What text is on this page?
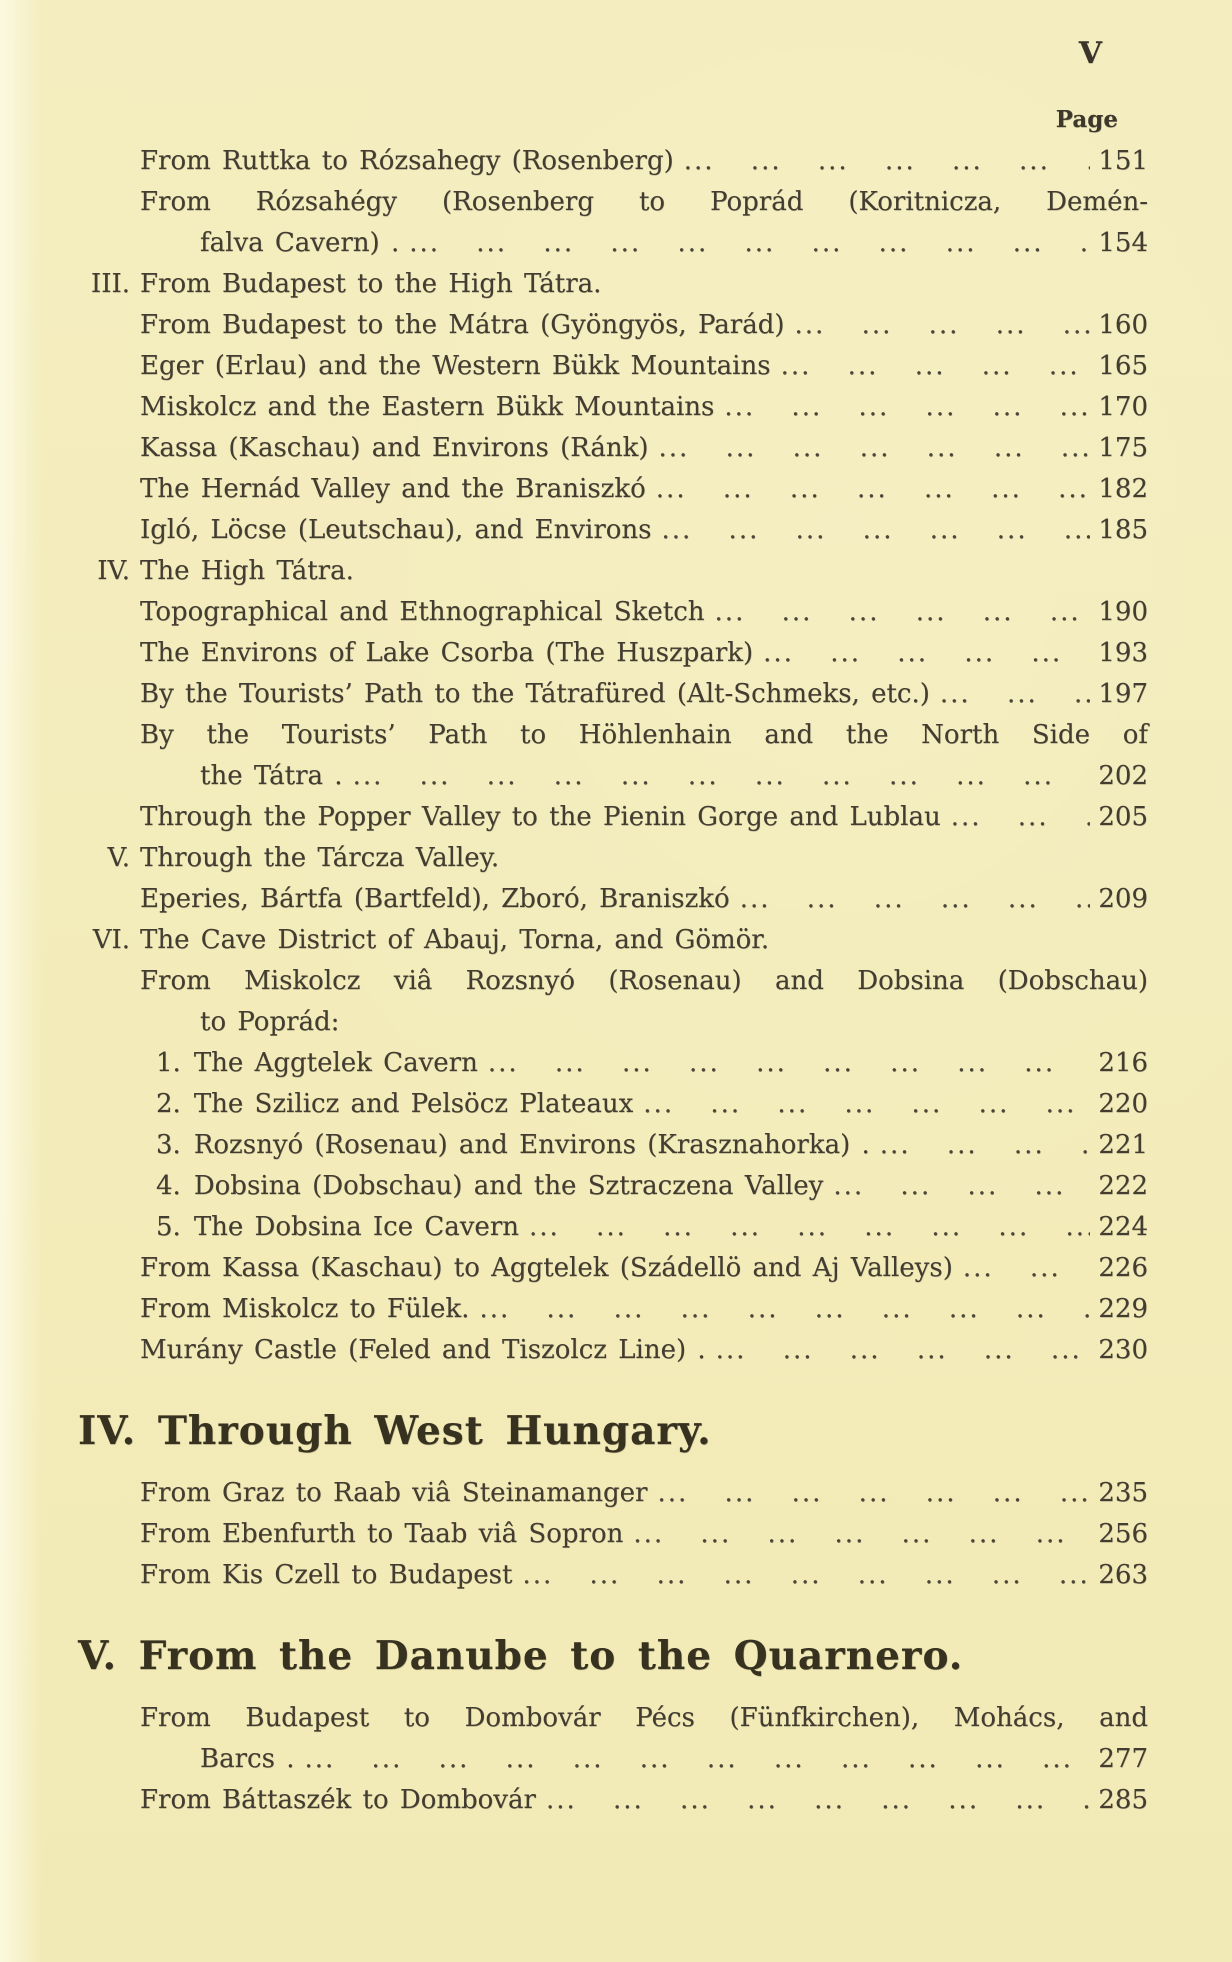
V
Page
From Ruttka to Rózsahegy (Rosenberg) ... .	151
From Rózsahégy (Rosenberg to Poprád (Koritnicza, Demén-
falva Cavern) . ... .	154
III. From Budapest to the High Tátra.
From Budapest to the Mátra (Gyöngyös, Parád) ... .	160
Eger (Erlau) and the Western Bükk Mountains ... .	165
Miskolcz and the Eastern Bükk Mountains ... .	170
Kassa (Kaschau) and Environs (Ránk) ... .	175
The Hernád Valley and the Braniszkó ... .	182
Igló, Löcse (Leutschau), and Environs ... .	185
IV. The High Tátra.
Topographical and Ethnographical Sketch ... .	190
The Environs of Lake Csorba (The Huszpark) ... .	193
By the Tourists’ Path to the Tátrafüred (Alt-Schmeks, etc.) ... .	197
By the Tourists’ Path to Höhlenhain and the North Side of
the Tátra . ... .	202
Through the Popper Valley to the Pienin Gorge and Lublau ... .	205
V. Through the Tárcza Valley.
Eperies, Bártfa (Bartfeld), Zboró, Braniszkó ... .	209
VI. The Cave District of Abauj, Torna, and Gömör.
From Miskolcz viâ Rozsnyó (Rosenau) and Dobsina (Dobschau)
to Poprád:
1. The Aggtelek Cavern ... .	216
2. The Szilicz and Pelsöcz Plateaux ... .	220
3. Rozsnyó (Rosenau) and Environs (Krasznahorka) . ... .	221
4. Dobsina (Dobschau) and the Sztraczena Valley ... .	222
5. The Dobsina Ice Cavern ... .	224
From Kassa (Kaschau) to Aggtelek (Szádellö and Aj Valleys) ... .	226
From Miskolcz to Fülek. ... .	229
Murány Castle (Feled and Tiszolcz Line) . ... .	230
IV. Through West Hungary.
From Graz to Raab viâ Steinamanger ... .	235
From Ebenfurth to Taab viâ Sopron ... .	256
From Kis Czell to Budapest ... .	263
V. From the Danube to the Quarnero.
From Budapest to Dombovár Pécs (Fünfkirchen), Mohács, and
Barcs . ... .	277
From Báttaszék to Dombovár ... .	285
